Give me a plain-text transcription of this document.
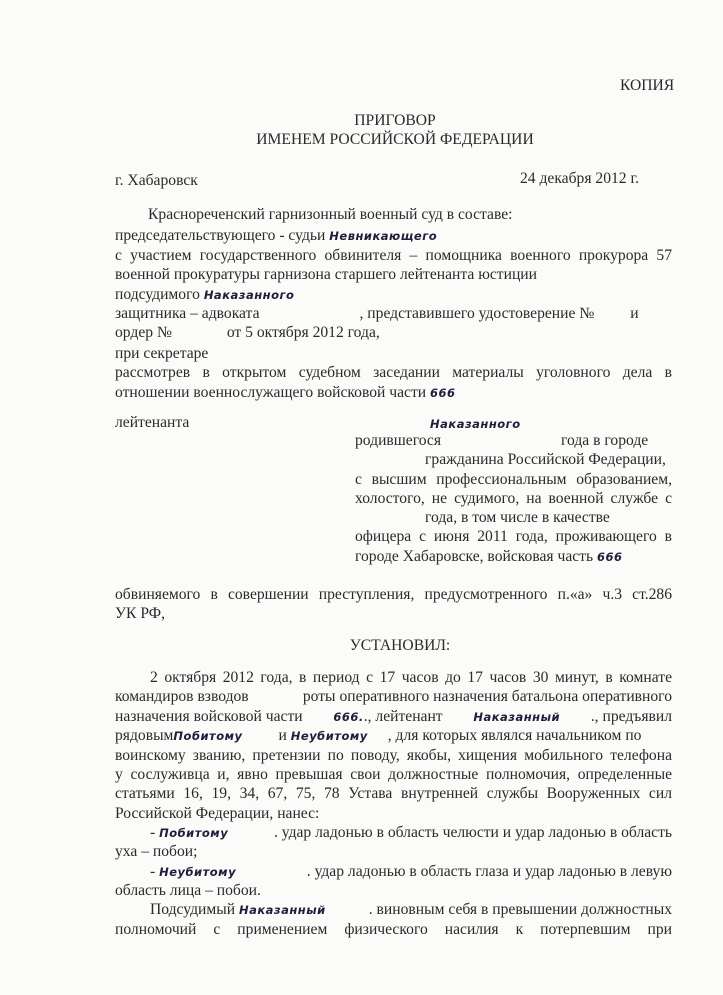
КОПИЯ
ПРИГОВОР
ИМЕНЕМ РОССИЙСКОЙ ФЕДЕРАЦИИ
г. Хабаровск	24 декабря 2012 г.
Краснореченский гарнизонный военный суд в составе:
председательствующего - судьи Невникающего
с участием государственного обвинителя – помощника военного прокурора 57
военной прокуратуры гарнизона старшего лейтенанта юстиции
подсудимого Наказанного
защитника – адвоката	, представившего удостоверение № и
ордер №	от 5 октября 2012 года,
при секретаре
рассмотрев в открытом судебном заседании материалы уголовного дела в
отношении военнослужащего войсковой части 666
лейтенанта	Наказанного
родившегося	года в городе
гражданина Российской Федерации,
с высшим профессиональным образованием,
холостого, не судимого, на военной службе с
года, в том числе в качестве
офицера с июня 2011 года, проживающего в
городе Хабаровске, войсковая часть 666
обвиняемого в совершении преступления, предусмотренного п.«а» ч.3 ст.286
УК РФ,
УСТАНОВИЛ:
2 октября 2012 года, в период с 17 часов до 17 часов 30 минут, в комнате
командиров взводов	роты оперативного назначения батальона оперативного
назначения войсковой части	666.., лейтенант	Наказанный ., предъявил
рядовымПобитому и Неубитому , для которых являлся начальником по
воинскому званию, претензии по поводу, якобы, хищения мобильного телефона
у сослуживца и, явно превышая свои должностные полномочия, определенные
статьями 16, 19, 34, 67, 75, 78 Устава внутренней службы Вооруженных сил
Российской Федерации, нанес:
- Побитому	. удар ладонью в область челюсти и удар ладонью в область
уха – побои;
- Неубитому	. удар ладонью в область глаза и удар ладонью в левую
область лица – побои.
Подсудимый Наказанный	. виновным себя в превышении должностных
полномочий с применением физического насилия к потерпевшим при
